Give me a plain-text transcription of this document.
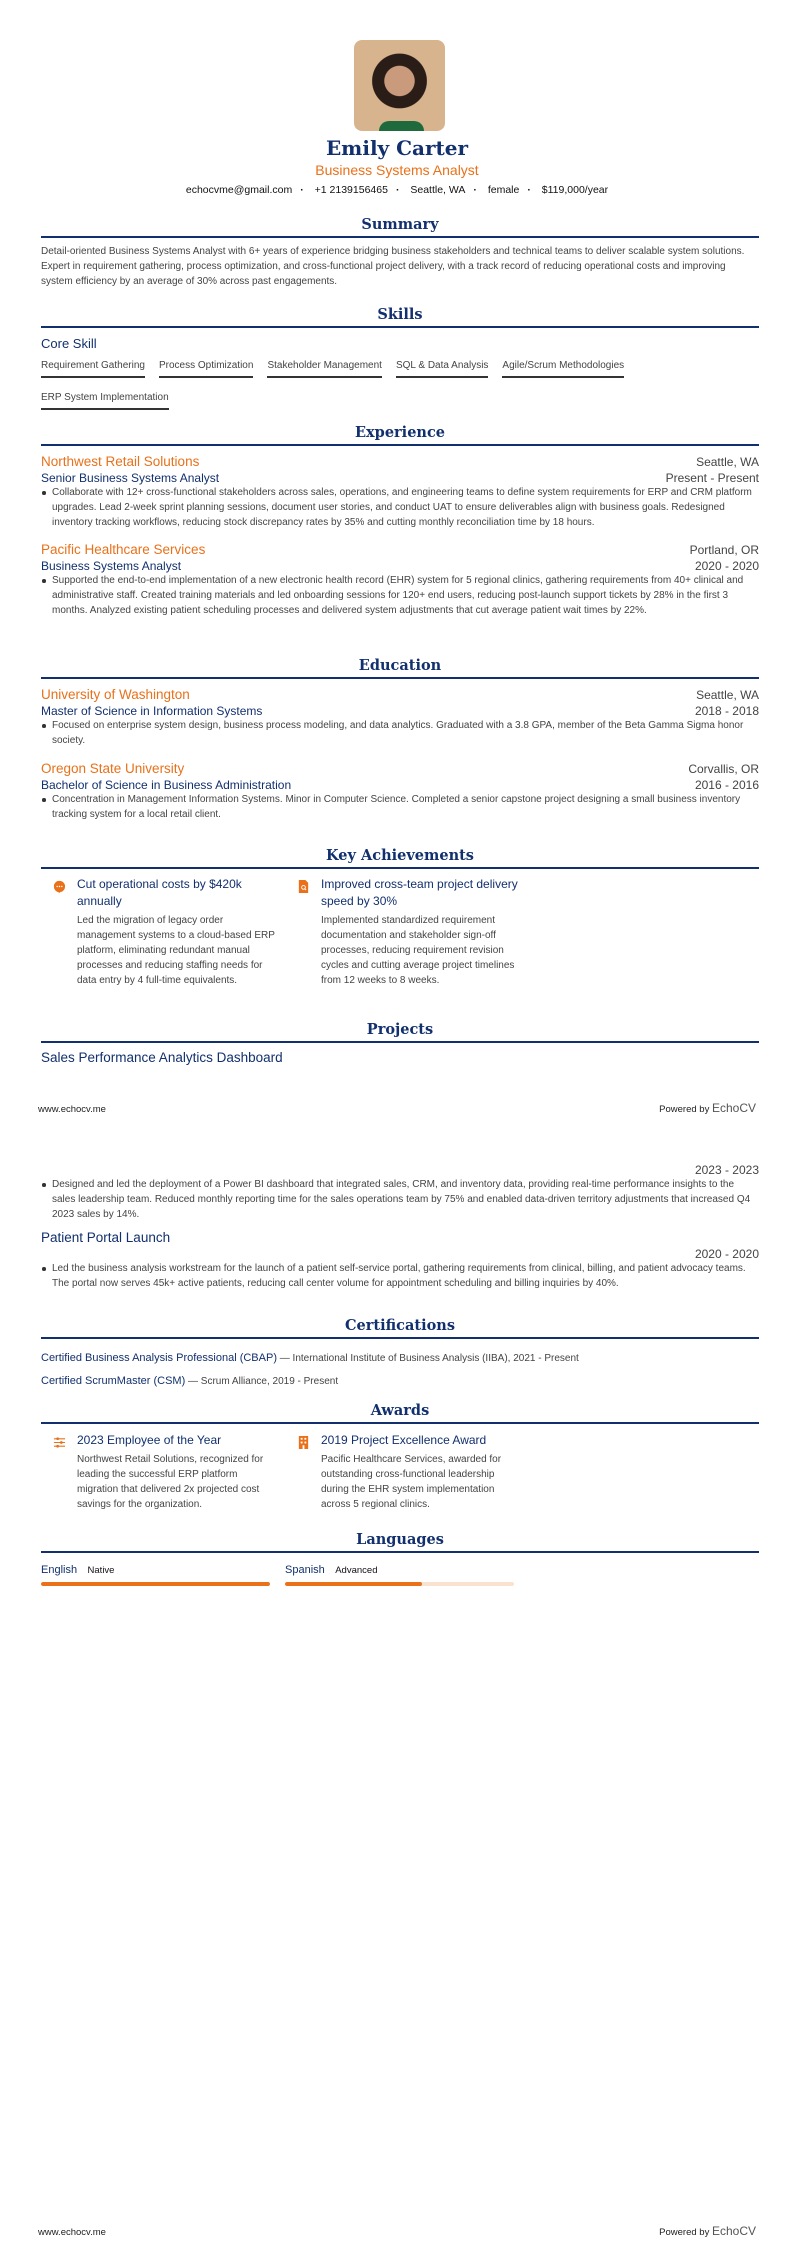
Emily Carter
Business Systems Analyst
echocvme@gmail.com · +1 2139156465 · Seattle, WA · female · $119,000/year
Summary
Detail-oriented Business Systems Analyst with 6+ years of experience bridging business stakeholders and technical teams to deliver scalable system solutions. Expert in requirement gathering, process optimization, and cross-functional project delivery, with a track record of reducing operational costs and improving system efficiency by an average of 30% across past engagements.
Skills
Core Skill
Requirement Gathering Process Optimization Stakeholder Management SQL & Data Analysis Agile/Scrum Methodologies
ERP System Implementation
Experience
Northwest Retail Solutions	Seattle, WA
Senior Business Systems Analyst	Present - Present
Collaborate with 12+ cross-functional stakeholders across sales, operations, and engineering teams to define system requirements for ERP and CRM platform upgrades. Lead 2-week sprint planning sessions, document user stories, and conduct UAT to ensure deliverables align with business goals. Redesigned inventory tracking workflows, reducing stock discrepancy rates by 35% and cutting monthly reconciliation time by 18 hours.
Pacific Healthcare Services	Portland, OR
Business Systems Analyst	2020 - 2020
Supported the end-to-end implementation of a new electronic health record (EHR) system for 5 regional clinics, gathering requirements from 40+ clinical and administrative staff. Created training materials and led onboarding sessions for 120+ end users, reducing post-launch support tickets by 28% in the first 3 months. Analyzed existing patient scheduling processes and delivered system adjustments that cut average patient wait times by 22%.
Education
University of Washington	Seattle, WA
Master of Science in Information Systems	2018 - 2018
Focused on enterprise system design, business process modeling, and data analytics. Graduated with a 3.8 GPA, member of the Beta Gamma Sigma honor society.
Oregon State University	Corvallis, OR
Bachelor of Science in Business Administration	2016 - 2016
Concentration in Management Information Systems. Minor in Computer Science. Completed a senior capstone project designing a small business inventory tracking system for a local retail client.
Key Achievements
Cut operational costs by $420k annually
Led the migration of legacy order management systems to a cloud-based ERP platform, eliminating redundant manual processes and reducing staffing needs for data entry by 4 full-time equivalents.
Improved cross-team project delivery speed by 30%
Implemented standardized requirement documentation and stakeholder sign-off processes, reducing requirement revision cycles and cutting average project timelines from 12 weeks to 8 weeks.
Projects
Sales Performance Analytics Dashboard
www.echocv.me	Powered by EchoCV
2023 - 2023
Designed and led the deployment of a Power BI dashboard that integrated sales, CRM, and inventory data, providing real-time performance insights to the sales leadership team. Reduced monthly reporting time for the sales operations team by 75% and enabled data-driven territory adjustments that increased Q4 2023 sales by 14%.
Patient Portal Launch
2020 - 2020
Led the business analysis workstream for the launch of a patient self-service portal, gathering requirements from clinical, billing, and patient advocacy teams. The portal now serves 45k+ active patients, reducing call center volume for appointment scheduling and billing inquiries by 40%.
Certifications
Certified Business Analysis Professional (CBAP) — International Institute of Business Analysis (IIBA), 2021 - Present
Certified ScrumMaster (CSM) — Scrum Alliance, 2019 - Present
Awards
2023 Employee of the Year
Northwest Retail Solutions, recognized for leading the successful ERP platform migration that delivered 2x projected cost savings for the organization.
2019 Project Excellence Award
Pacific Healthcare Services, awarded for outstanding cross-functional leadership during the EHR system implementation across 5 regional clinics.
Languages
English Native	Spanish Advanced
www.echocv.me	Powered by EchoCV
